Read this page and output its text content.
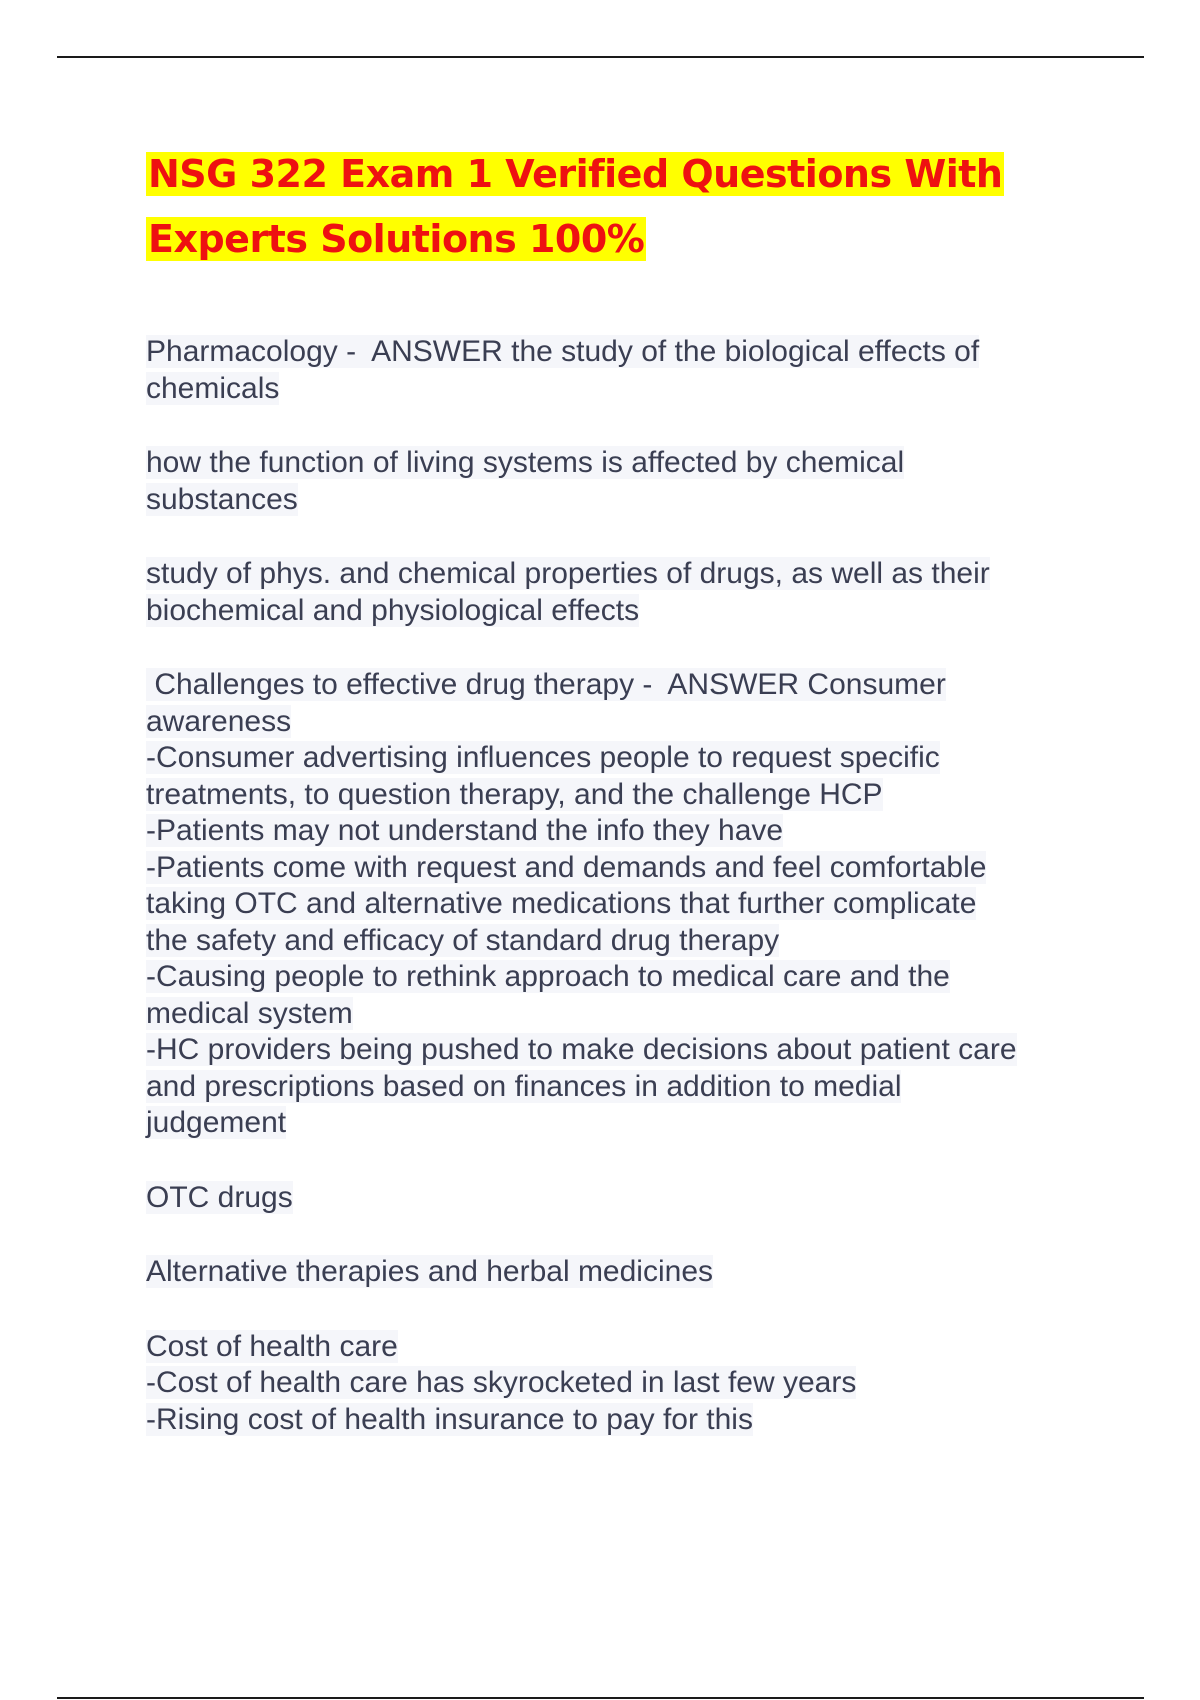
NSG 322 Exam 1 Verified Questions With
Experts Solutions 100%

Pharmacology -  ANSWER the study of the biological effects of
chemicals

how the function of living systems is affected by chemical
substances

study of phys. and chemical properties of drugs, as well as their
biochemical and physiological effects

Challenges to effective drug therapy -  ANSWER Consumer
awareness
-Consumer advertising influences people to request specific
treatments, to question therapy, and the challenge HCP
-Patients may not understand the info they have
-Patients come with request and demands and feel comfortable
taking OTC and alternative medications that further complicate
the safety and efficacy of standard drug therapy
-Causing people to rethink approach to medical care and the
medical system
-HC providers being pushed to make decisions about patient care
and prescriptions based on finances in addition to medial
judgement

OTC drugs

Alternative therapies and herbal medicines

Cost of health care
-Cost of health care has skyrocketed in last few years
-Rising cost of health insurance to pay for this
